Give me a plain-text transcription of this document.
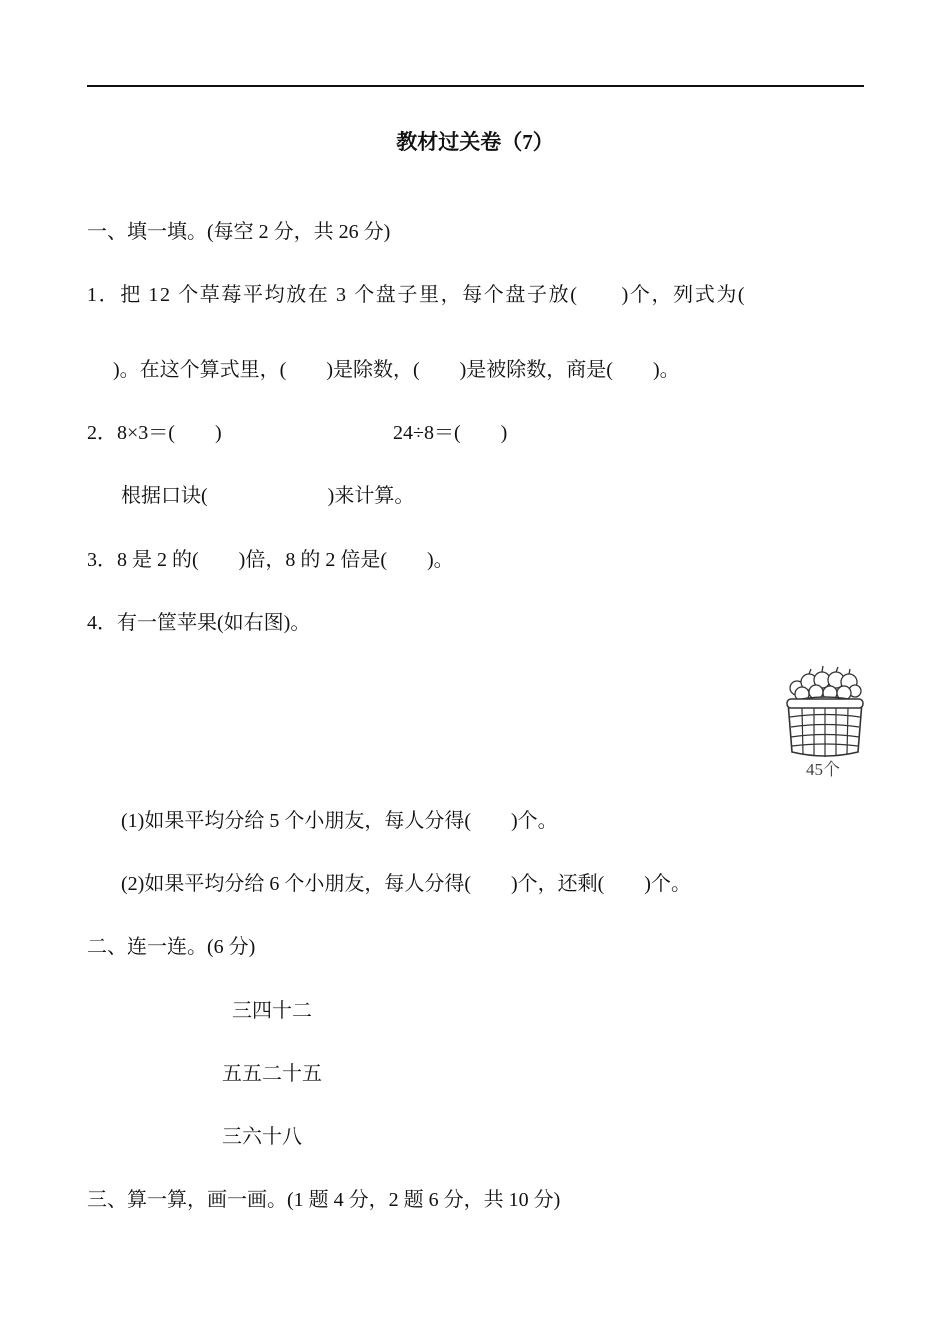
教材过关卷（7）
一、填一填。(每空 2 分，共 26 分)
1．把 12 个草莓平均放在 3 个盘子里，每个盘子放(　　)个，列式为(
)。在这个算式里，(　　)是除数，(　　)是被除数，商是(　　)。
2．8×3＝(　　)	24÷8＝(　　)
根据口诀(　　　　　　)来计算。
3．8 是 2 的(　　)倍，8 的 2 倍是(　　)。
4．有一筐苹果(如右图)。
45个
(1)如果平均分给 5 个小朋友，每人分得(　　)个。
(2)如果平均分给 6 个小朋友，每人分得(　　)个，还剩(　　)个。
二、连一连。(6 分)
三四十二
五五二十五
三六十八
三、算一算，画一画。(1 题 4 分，2 题 6 分，共 10 分)
